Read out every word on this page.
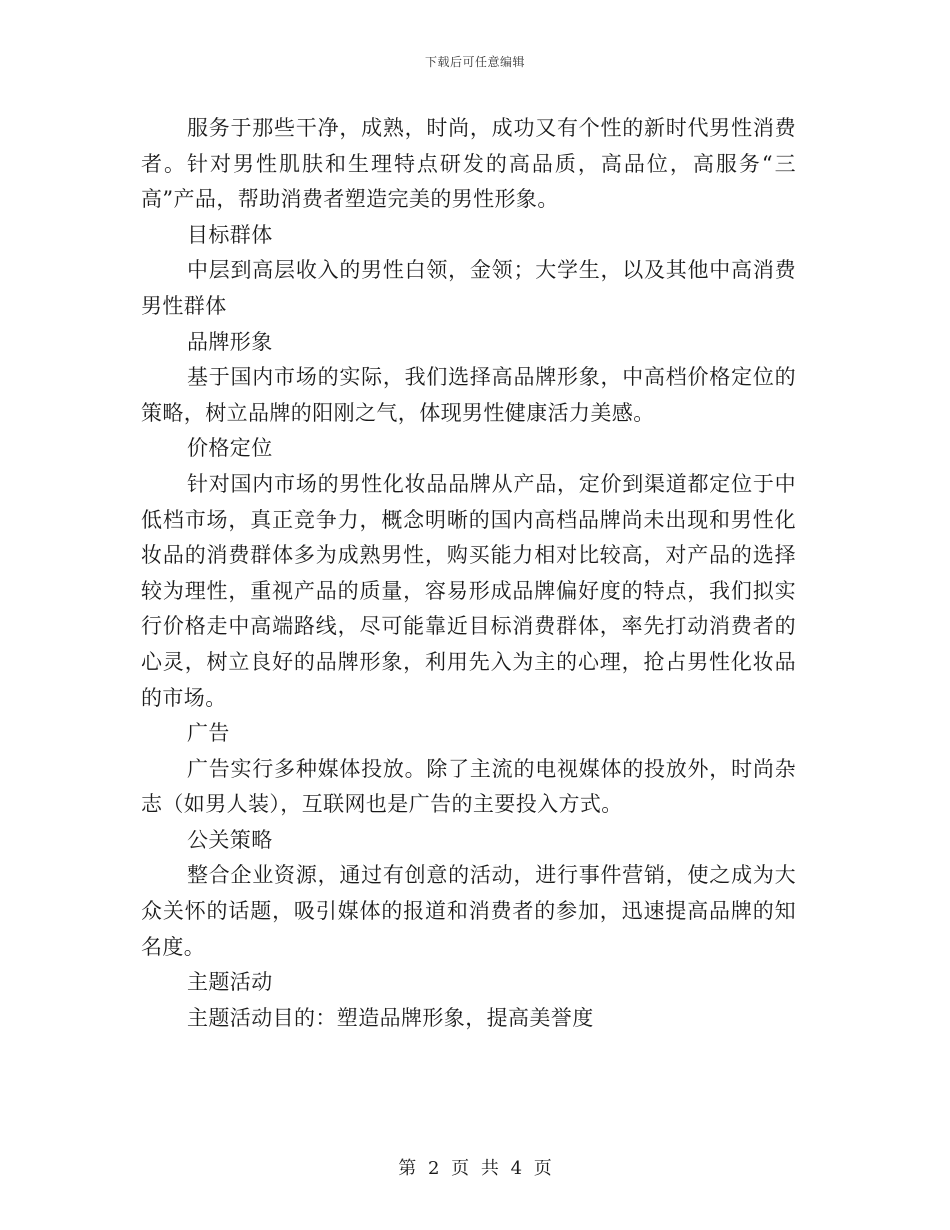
下载后可任意编辑

服务于那些干净，成熟，时尚，成功又有个性的新时代男性消费者。针对男性肌肤和生理特点研发的高品质，高品位，高服务“三高”产品，帮助消费者塑造完美的男性形象。

目标群体

中层到高层收入的男性白领，金领；大学生，以及其他中高消费男性群体

品牌形象

基于国内市场的实际，我们选择高品牌形象，中高档价格定位的策略，树立品牌的阳刚之气，体现男性健康活力美感。

价格定位

针对国内市场的男性化妆品品牌从产品，定价到渠道都定位于中低档市场，真正竞争力，概念明晰的国内高档品牌尚未出现和男性化妆品的消费群体多为成熟男性，购买能力相对比较高，对产品的选择较为理性，重视产品的质量，容易形成品牌偏好度的特点，我们拟实行价格走中高端路线，尽可能靠近目标消费群体，率先打动消费者的心灵，树立良好的品牌形象，利用先入为主的心理，抢占男性化妆品的市场。

广告

广告实行多种媒体投放。除了主流的电视媒体的投放外，时尚杂志（如男人装），互联网也是广告的主要投入方式。

公关策略

整合企业资源，通过有创意的活动，进行事件营销，使之成为大众关怀的话题，吸引媒体的报道和消费者的参加，迅速提高品牌的知名度。

主题活动

主题活动目的：塑造品牌形象，提高美誉度

第 2 页 共 4 页
